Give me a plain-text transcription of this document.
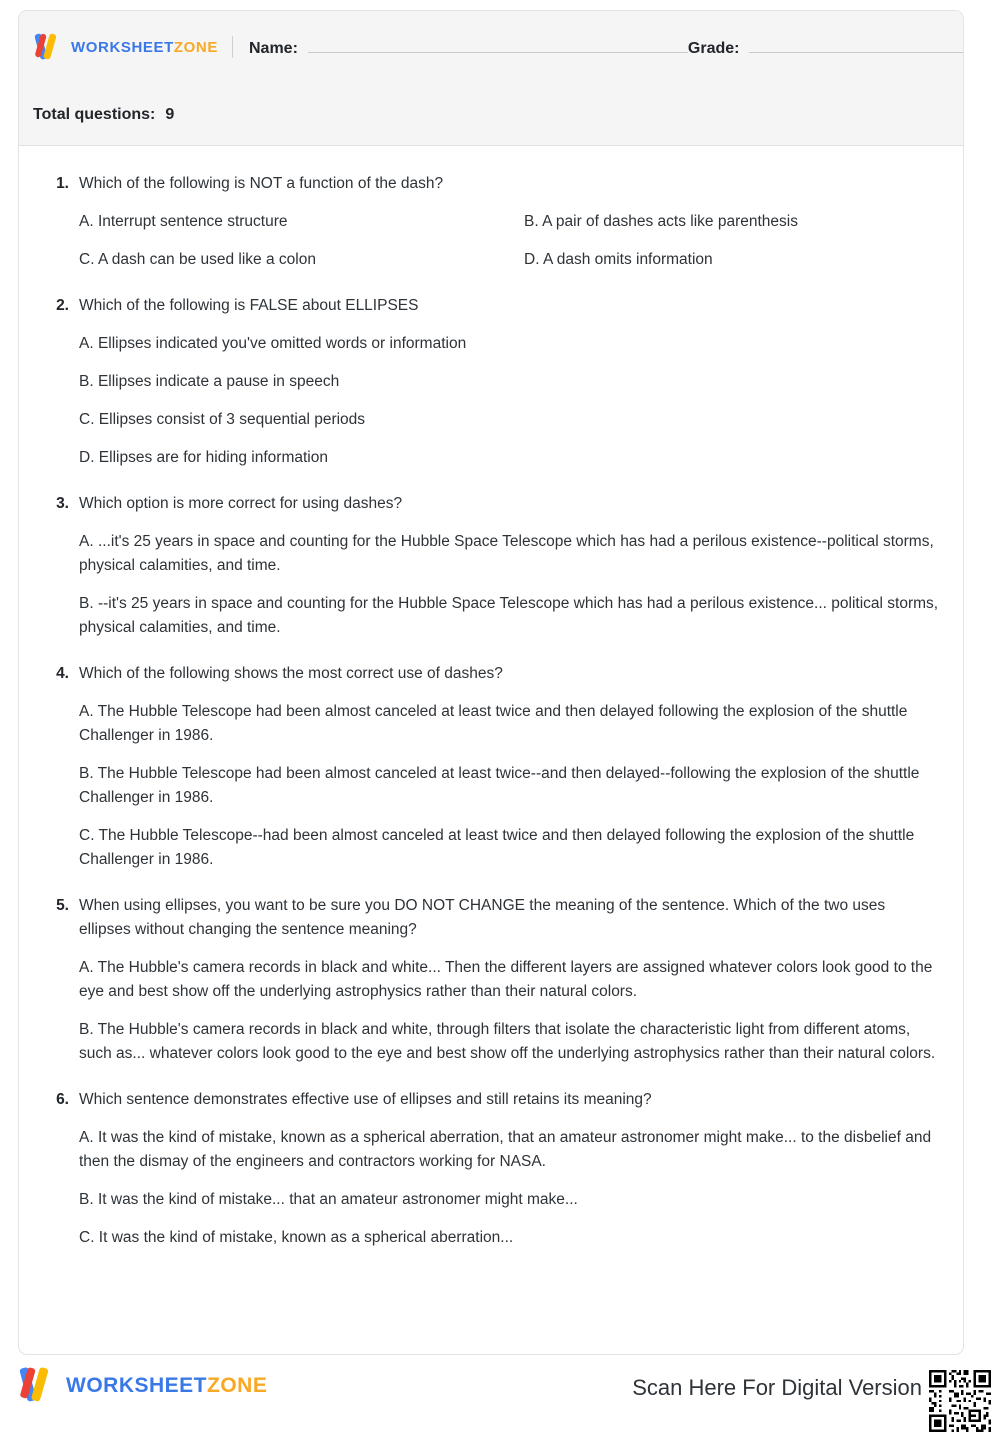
WORKSHEETZONE Name:	Grade:
Total questions: 9
1. Which of the following is NOT a function of the dash?
A. Interrupt sentence structure	B. A pair of dashes acts like parenthesis
C. A dash can be used like a colon	D. A dash omits information
2. Which of the following is FALSE about ELLIPSES
A. Ellipses indicated you've omitted words or information
B. Ellipses indicate a pause in speech
C. Ellipses consist of 3 sequential periods
D. Ellipses are for hiding information
3. Which option is more correct for using dashes?
A. ...it's 25 years in space and counting for the Hubble Space Telescope which has had a perilous existence--political storms, physical calamities, and time.
B. --it's 25 years in space and counting for the Hubble Space Telescope which has had a perilous existence... political storms, physical calamities, and time.
4. Which of the following shows the most correct use of dashes?
A. The Hubble Telescope had been almost canceled at least twice and then delayed following the explosion of the shuttle Challenger in 1986.
B. The Hubble Telescope had been almost canceled at least twice--and then delayed--following the explosion of the shuttle Challenger in 1986.
C. The Hubble Telescope--had been almost canceled at least twice and then delayed following the explosion of the shuttle Challenger in 1986.
5. When using ellipses, you want to be sure you DO NOT CHANGE the meaning of the sentence. Which of the two uses ellipses without changing the sentence meaning?
A. The Hubble's camera records in black and white... Then the different layers are assigned whatever colors look good to the eye and best show off the underlying astrophysics rather than their natural colors.
B. The Hubble's camera records in black and white, through filters that isolate the characteristic light from different atoms, such as... whatever colors look good to the eye and best show off the underlying astrophysics rather than their natural colors.
6. Which sentence demonstrates effective use of ellipses and still retains its meaning?
A. It was the kind of mistake, known as a spherical aberration, that an amateur astronomer might make... to the disbelief and then the dismay of the engineers and contractors working for NASA.
B. It was the kind of mistake... that an amateur astronomer might make...
C. It was the kind of mistake, known as a spherical aberration...
WORKSHEETZONE	Scan Here For Digital Version
